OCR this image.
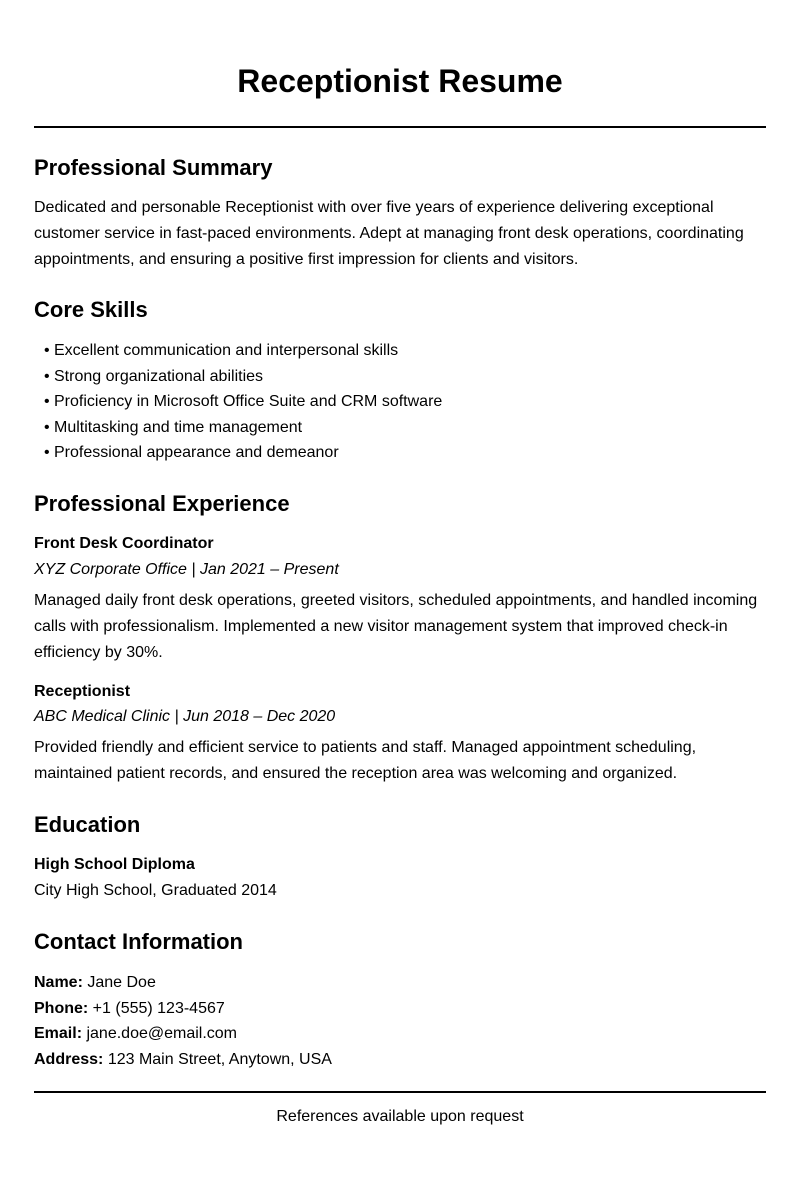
Receptionist Resume
Professional Summary

Dedicated and personable Receptionist with over five years of experience delivering exceptional
customer service in fast-paced environments. Adept at managing front desk operations, coordinating
appointments, and ensuring a positive first impression for clients and visitors.

Core Skills
• Excellent communication and interpersonal skills
• Strong organizational abilities
• Proficiency in Microsoft Office Suite and CRM software
• Multitasking and time management
• Professional appearance and demeanor
Professional Experience

Front Desk Coordinator

XYZ Corporate Office | Jan 2021 – Present

Managed daily front desk operations, greeted visitors, scheduled appointments, and handled incoming
calls with professionalism. Implemented a new visitor management system that improved check-in
efficiency by 30%.

Receptionist

ABC Medical Clinic | Jun 2018 – Dec 2020

Provided friendly and efficient service to patients and staff. Managed appointment scheduling,
maintained patient records, and ensured the reception area was welcoming and organized.

Education

High School Diploma

City High School, Graduated 2014

Contact Information
Name: Jane Doe
Phone: +1 (555) 123-4567
Email: jane.doe@email.com
Address: 123 Main Street, Anytown, USA

References available upon request
